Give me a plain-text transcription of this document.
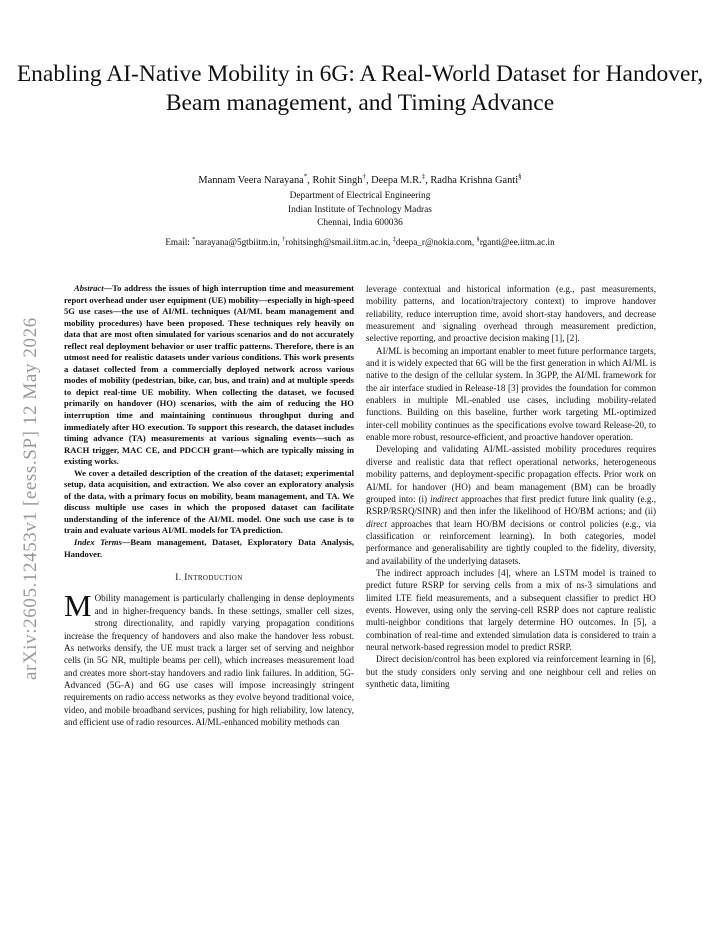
Enabling AI-Native Mobility in 6G: A Real-World Dataset for Handover, Beam management, and Timing Advance
Mannam Veera Narayana*, Rohit Singh†, Deepa M.R.‡, Radha Krishna Ganti§
Department of Electrical Engineering
Indian Institute of Technology Madras
Chennai, India 600036
Email: *narayana@5gtbiitm.in, †rohitsingh@smail.iitm.ac.in, ‡deepa_r@nokia.com, §rganti@ee.iitm.ac.in
arXiv:2605.12453v1 [eess.SP] 12 May 2026

Abstract—To address the issues of high interruption time and measurement report overhead under user equipment (UE) mobility—especially in high-speed 5G use cases—the use of AI/ML techniques (AI/ML beam management and mobility procedures) have been proposed. These techniques rely heavily on data that are most often simulated for various scenarios and do not accurately reflect real deployment behavior or user traffic patterns. Therefore, there is an utmost need for realistic datasets under various conditions. This work presents a dataset collected from a commercially deployed network across various modes of mobility (pedestrian, bike, car, bus, and train) and at multiple speeds to depict real-time UE mobility. When collecting the dataset, we focused primarily on handover (HO) scenarios, with the aim of reducing the HO interruption time and maintaining continuous throughput during and immediately after HO execution. To support this research, the dataset includes timing advance (TA) measurements at various signaling events—such as RACH trigger, MAC CE, and PDCCH grant—which are typically missing in existing works.

We cover a detailed description of the creation of the dataset; experimental setup, data acquisition, and extraction. We also cover an exploratory analysis of the data, with a primary focus on mobility, beam management, and TA. We discuss multiple use cases in which the proposed dataset can facilitate understanding of the inference of the AI/ML model. One such use case is to train and evaluate various AI/ML models for TA prediction.

Index Terms—Beam management, Dataset, Exploratory Data Analysis, Handover.

I. Introduction

M Obility management is particularly challenging in dense deployments and in higher-frequency bands. In these settings, smaller cell sizes, strong directionality, and rapidly varying propagation conditions increase the frequency of handovers and also make the handover less robust. As networks densify, the UE must track a larger set of serving and neighbor cells (in 5G NR, multiple beams per cell), which increases measurement load and creates more short-stay handovers and radio link failures. In addition, 5G-Advanced (5G-A) and 6G use cases will impose increasingly stringent requirements on radio access networks as they evolve beyond traditional voice, video, and mobile broadband services, pushing for high reliability, low latency, and efficient use of radio resources. AI/ML-enhanced mobility methods can

leverage contextual and historical information (e.g., past measurements, mobility patterns, and location/trajectory context) to improve handover reliability, reduce interruption time, avoid short-stay handovers, and decrease measurement and signaling overhead through measurement prediction, selective reporting, and proactive decision making [1], [2].

AI/ML is becoming an important enabler to meet future performance targets, and it is widely expected that 6G will be the first generation in which AI/ML is native to the design of the cellular system. In 3GPP, the AI/ML framework for the air interface studied in Release-18 [3] provides the foundation for common enablers in multiple ML-enabled use cases, including mobility-related functions. Building on this baseline, further work targeting ML-optimized inter-cell mobility continues as the specifications evolve toward Release-20, to enable more robust, resource-efficient, and proactive handover operation.

Developing and validating AI/ML-assisted mobility procedures requires diverse and realistic data that reflect operational networks, heterogeneous mobility patterns, and deployment-specific propagation effects. Prior work on AI/ML for handover (HO) and beam management (BM) can be broadly grouped into: (i) indirect approaches that first predict future link quality (e.g., RSRP/RSRQ/SINR) and then infer the likelihood of HO/BM actions; and (ii) direct approaches that learn HO/BM decisions or control policies (e.g., via classification or reinforcement learning). In both categories, model performance and generalisability are tightly coupled to the fidelity, diversity, and availability of the underlying datasets.

The indirect approach includes [4], where an LSTM model is trained to predict future RSRP for serving cells from a mix of ns-3 simulations and limited LTE field measurements, and a subsequent classifier to predict HO events. However, using only the serving-cell RSRP does not capture realistic multi-neighbor conditions that largely determine HO outcomes. In [5], a combination of real-time and extended simulation data is considered to train a neural network-based regression model to predict RSRP.

Direct decision/control has been explored via reinforcement learning in [6], but the study considers only serving and one neighbour cell and relies on synthetic data, limiting
